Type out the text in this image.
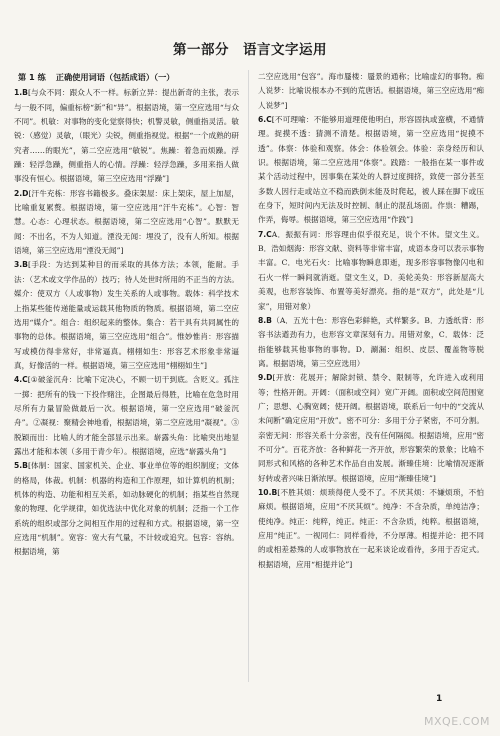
第一部分 语言文字运用
第 1 练 正确使用词语（包括成语）（一）

1.B[与众不同：跟众人不一样。标新立异：提出新奇的主张，表示与一般不同，偏重标榜“新”和“异”。根据语境，第一空应选用“与众不同”。机敏：对事物的变化觉察得快；机警灵敏，侧重指灵活。敏锐：（感觉）灵敏，（眼光）尖锐，侧重指视觉。根据“一个成熟的研究者……的眼光”，第二空应选用“敏锐”。焦躁：着急而烦躁。浮躁：轻浮急躁，侧重指人的心情。浮躁：轻浮急躁，多用来指人做事没有恒心。根据语境，第三空应选用“浮躁”]

2.D[汗牛充栋：形容书籍极多。叠床架屋：床上架床，屋上加屋，比喻重复累赘。根据语境，第一空应选用“汗牛充栋”。心智：智慧。心态：心理状态。根据语境，第二空应选用“心智”。默默无闻：不出名，不为人知道。湮没无闻：埋没了，没有人所知。根据语境，第三空应选用“湮没无闻”]

3.B[手段：为达到某种目的而采取的具体方法；本领，能耐。手法：（艺术或文学作品的）技巧；待人处世时所用的不正当的方法。媒介：使双方（人或事物）发生关系的人或事物。载体：科学技术上指某些能传递能量或运载其他物质的物质。根据语境，第二空应选用“媒介”。组合：组织起来的整体。集合：若干具有共同属性的事物的总体。根据语境，第三空应选用“组合”。惟妙惟肖：形容描写或模仿得非常好，非常逼真。栩栩如生：形容艺术形象非常逼真，好像活的一样。根据语境，第三空应选用“栩栩如生”]

4.C[①破釜沉舟：比喻下定决心，不顾一切干到底。含贬义。孤注一掷：把所有的钱一下投作赌注，企图最后得胜，比喻在危急时用尽所有力量冒险做最后一次。根据语境，第一空应选用“破釜沉舟”。②凝视：聚精会神地看，根据语境，第二空应选用“凝视”。③脱颖而出：比喻人的才能全部显示出来。崭露头角：比喻突出地显露出才能和本领（多用于青少年）。根据语境，应选“崭露头角”]

5.B[体制：国家、国家机关、企业、事业单位等的组织制度；文体的格局，体裁。机制：机器的构造和工作原理，如计算机的机制；机体的构造、功能和相互关系，如动脉硬化的机制；指某些自然现象的物理、化学规律，如优选法中优化对象的机制；泛指一个工作系统的组织或部分之间相互作用的过程和方式。根据语境，第一空应选用“机制”。宽容：宽大有气量，不计较或追究。包容：容纳。根据语境，第

二空应选用“包容”。海市蜃楼：蜃景的通称；比喻虚幻的事物。痴人说梦：比喻说根本办不到的荒唐话。根据语境，第三空应选用“痴人说梦”]

6.C[不可理喻：不能够用道理使他明白，形容固执或蛮横，不通情理。捉摸不透：猜测不清楚。根据语境，第一空应选用“捉摸不透”。体察：体验和观察。体会：体验领会。体验：亲身经历和认识。根据语境，第二空应选用“体察”。践踏：一般指在某一事件或某个活动过程中，因事集在某处的人群过度拥挤，致使一部分甚至多数人因行走或站立不稳而跌倒未能及时爬起，被人踩在脚下或压在身下，短时间内无法及时控制、制止的混乱场面。作祟：糟踢，作弄，侮辱。根据语境，第三空应选用“作践”]

7.CA．振振有词：形容理由似乎很充足，说个不休。望文生义。B．浩如烟海：形容文献、资料等非常丰富，成语本身可以表示事物丰富。C．电光石火：比喻事物瞬息即逝，现多形容事物像闪电和石火一样一瞬间就消逝。望文生义，D．美轮美奂：形容新屋高大美观，也形容装饰、布置等美好漂亮。指的是“双方”，此处是“儿家”，用错对象）

8.B（A．五光十色：形容色彩鲜艳，式样繁多。B．力透纸背：形容书法遒劲有力，也形容文章深刻有力。用错对象，C．载体：泛指能够载其他事物的事物。D．涮漏：组织、皮层、覆盖物等脱离。根据语境，第三空应选用）

9.D[开放：花展开；解除封锁、禁令、限制等，允许进入或利用等；性格开朗。开阔：（面积或空间）宽广开阔。面积或空间范围宽广；思想、心胸宽阔；使开阔。根据语境，联系后一句中的“交流从未间断”确定应用“开放”。密不可分：多用于分子紧密，不可分割。亲密无间：形容关系十分亲密，没有任何隔阂。根据语境，应用“密不可分”。百花齐放：各种鲜花一齐开放，形容繁荣的景象；比喻不同形式和风格的各种艺术作品自由发展。渐臻佳境：比喻情况逐渐好转或者兴味日渐浓厚。根据语境，应用“渐臻佳境”]

10.B[不胜其烦：烦琐得使人受不了。不厌其烦：不嫌烦琐，不怕麻烦。根据语境，应用“不厌其烦”。纯净：不含杂质，单纯洁净；使纯净。纯正：纯粹，纯正。纯正：不含杂质，纯粹。根据语境，应用“纯正”。一视同仁：同样看待，不分厚薄。相提并论：把不同的或相差悬殊的人或事物放在一起来谈论或看待，多用于否定式。根据语境，应用“相提并论”]

1
MXQE.COM
